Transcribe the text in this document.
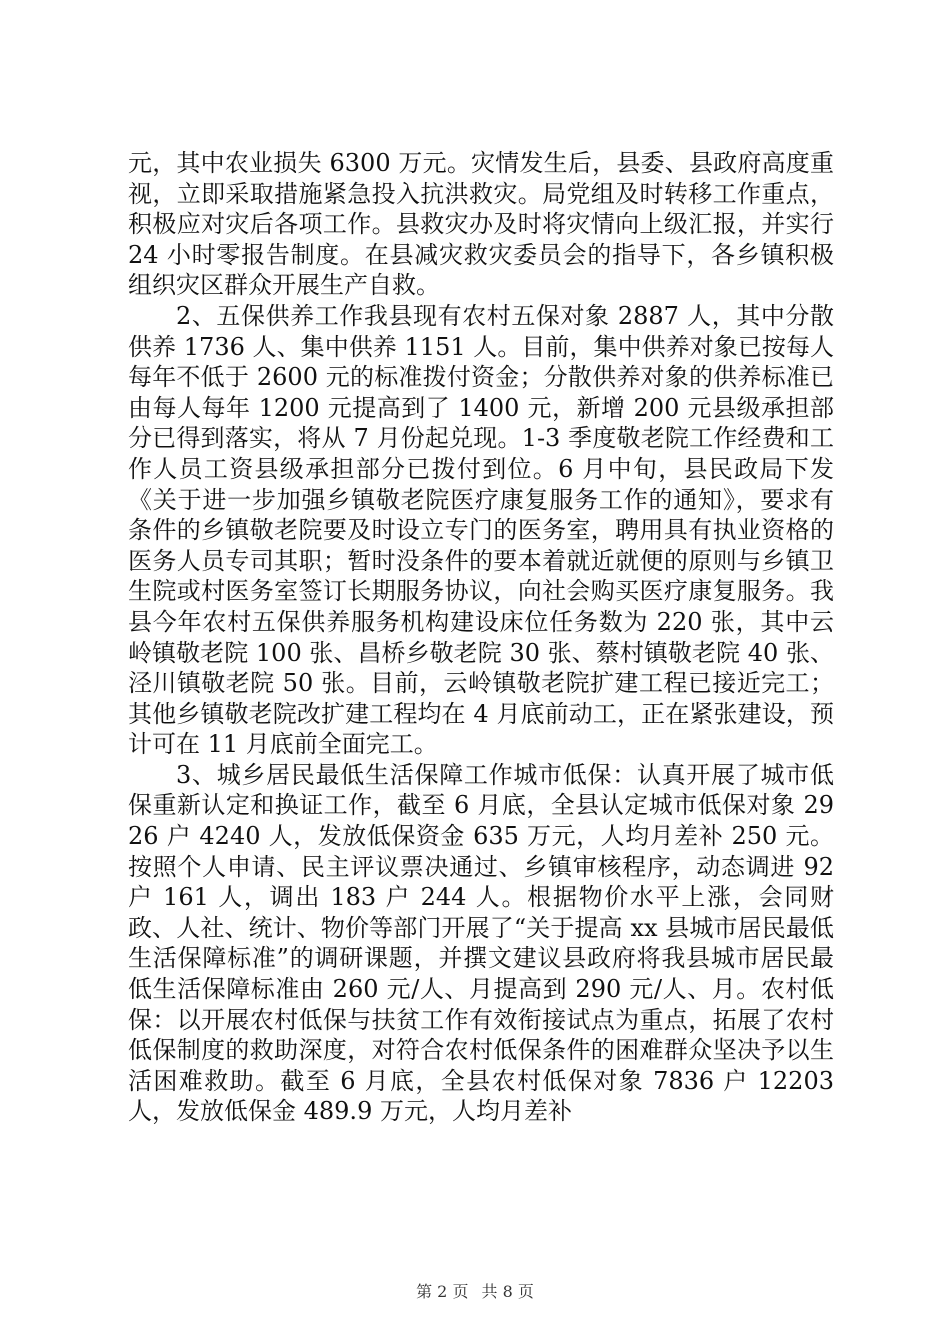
元，其中农业损失 6300 万元。灾情发生后，县委、县政府高度重视，立即采取措施紧急投入抗洪救灾。局党组及时转移工作重点，积极应对灾后各项工作。县救灾办及时将灾情向上级汇报，并实行 24 小时零报告制度。在县减灾救灾委员会的指导下，各乡镇积极组织灾区群众开展生产自救。

2、五保供养工作我县现有农村五保对象 2887 人，其中分散供养 1736 人、集中供养 1151 人。目前，集中供养对象已按每人每年不低于 2600 元的标准拨付资金；分散供养对象的供养标准已由每人每年 1200 元提高到了 1400 元，新增 200 元县级承担部分已得到落实，将从 7 月份起兑现。1-3 季度敬老院工作经费和工作人员工资县级承担部分已拨付到位。6 月中旬，县民政局下发《关于进一步加强乡镇敬老院医疗康复服务工作的通知》，要求有条件的乡镇敬老院要及时设立专门的医务室，聘用具有执业资格的医务人员专司其职；暂时没条件的要本着就近就便的原则与乡镇卫生院或村医务室签订长期服务协议，向社会购买医疗康复服务。我县今年农村五保供养服务机构建设床位任务数为 220 张，其中云岭镇敬老院 100 张、昌桥乡敬老院 30 张、蔡村镇敬老院 40 张、泾川镇敬老院 50 张。目前，云岭镇敬老院扩建工程已接近完工；其他乡镇敬老院改扩建工程均在 4 月底前动工，正在紧张建设，预计可在 11 月底前全面完工。

3、城乡居民最低生活保障工作城市低保：认真开展了城市低保重新认定和换证工作，截至 6 月底，全县认定城市低保对象 2926 户 4240 人，发放低保资金 635 万元，人均月差补 250 元。按照个人申请、民主评议票决通过、乡镇审核程序，动态调进 92 户 161 人，调出 183 户 244 人。根据物价水平上涨，会同财政、人社、统计、物价等部门开展了“关于提高 xx 县城市居民最低生活保障标准”的调研课题，并撰文建议县政府将我县城市居民最低生活保障标准由 260 元/人、月提高到 290 元/人、月。农村低保：以开展农村低保与扶贫工作有效衔接试点为重点，拓展了农村低保制度的救助深度，对符合农村低保条件的困难群众坚决予以生活困难救助。截至 6 月底，全县农村低保对象 7836 户 12203 人，发放低保金 489.9 万元，人均月差补

第 2 页 共 8 页
